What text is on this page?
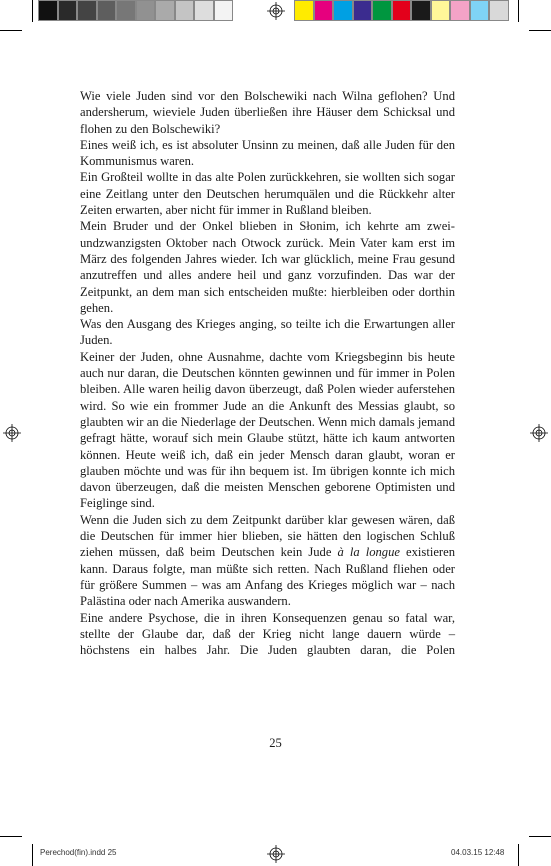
Wie viele Juden sind vor den Bolschewiki nach Wilna geflohen? Und andersherum, wieviele Juden überließen ihre Häuser dem Schicksal und flohen zu den Bolschewiki?

Eines weiß ich, es ist absoluter Unsinn zu meinen, daß alle Juden für den Kommunismus waren.

Ein Großteil wollte in das alte Polen zurückkehren, sie wollten sich sogar eine Zeitlang unter den Deutschen herumquälen und die Rückkehr alter Zeiten erwarten, aber nicht für immer in Rußland bleiben.

Mein Bruder und der Onkel blieben in Słonim, ich kehrte am zweiundzwanzigsten Oktober nach Otwock zurück. Mein Vater kam erst im März des folgenden Jahres wieder. Ich war glücklich, meine Frau gesund anzutreffen und alles andere heil und ganz vorzufinden. Das war der Zeitpunkt, an dem man sich entscheiden mußte: hierbleiben oder dorthin gehen.

Was den Ausgang des Krieges anging, so teilte ich die Erwartungen aller Juden.

Keiner der Juden, ohne Ausnahme, dachte vom Kriegsbeginn bis heute auch nur daran, die Deutschen könnten gewinnen und für immer in Polen bleiben. Alle waren heilig davon überzeugt, daß Polen wieder auferstehen wird. So wie ein frommer Jude an die Ankunft des Messias glaubt, so glaubten wir an die Niederlage der Deutschen. Wenn mich damals jemand gefragt hätte, worauf sich mein Glaube stützt, hätte ich kaum antworten können. Heute weiß ich, daß ein jeder Mensch daran glaubt, woran er glauben möchte und was für ihn bequem ist. Im übrigen konnte ich mich davon überzeugen, daß die meisten Menschen geborene Optimisten und Feiglinge sind.

Wenn die Juden sich zu dem Zeitpunkt darüber klar gewesen wären, daß die Deutschen für immer hier blieben, sie hätten den logischen Schluß ziehen müssen, daß beim Deutschen kein Jude à la longue existieren kann. Daraus folgte, man müßte sich retten. Nach Rußland fliehen oder für größere Summen – was am Anfang des Krieges möglich war – nach Palästina oder nach Amerika auswandern.

Eine andere Psychose, die in ihren Konsequenzen genau so fatal war, stellte der Glaube dar, daß der Krieg nicht lange dauern würde – höchstens ein halbes Jahr. Die Juden glaubten daran, die Polen

25
Perechod(fin).indd 25	04.03.15 12:48
